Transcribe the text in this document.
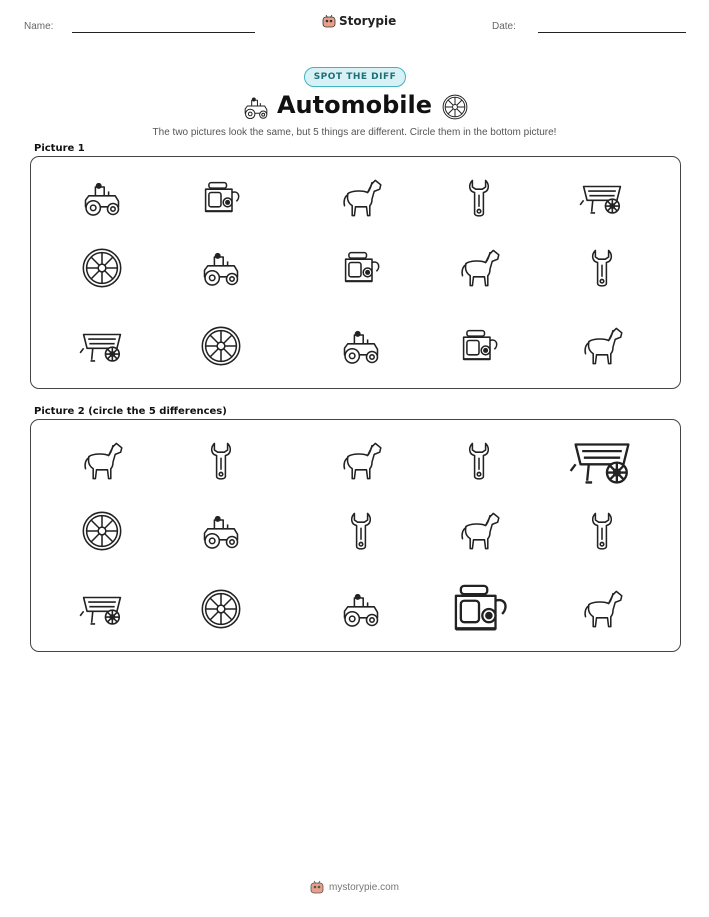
Name:	Storypie	Date:
SPOT THE DIFF
Automobile
The two pictures look the same, but 5 things are different. Circle them in the bottom picture!
Picture 1
Picture 2 (circle the 5 differences)
mystorypie.com
